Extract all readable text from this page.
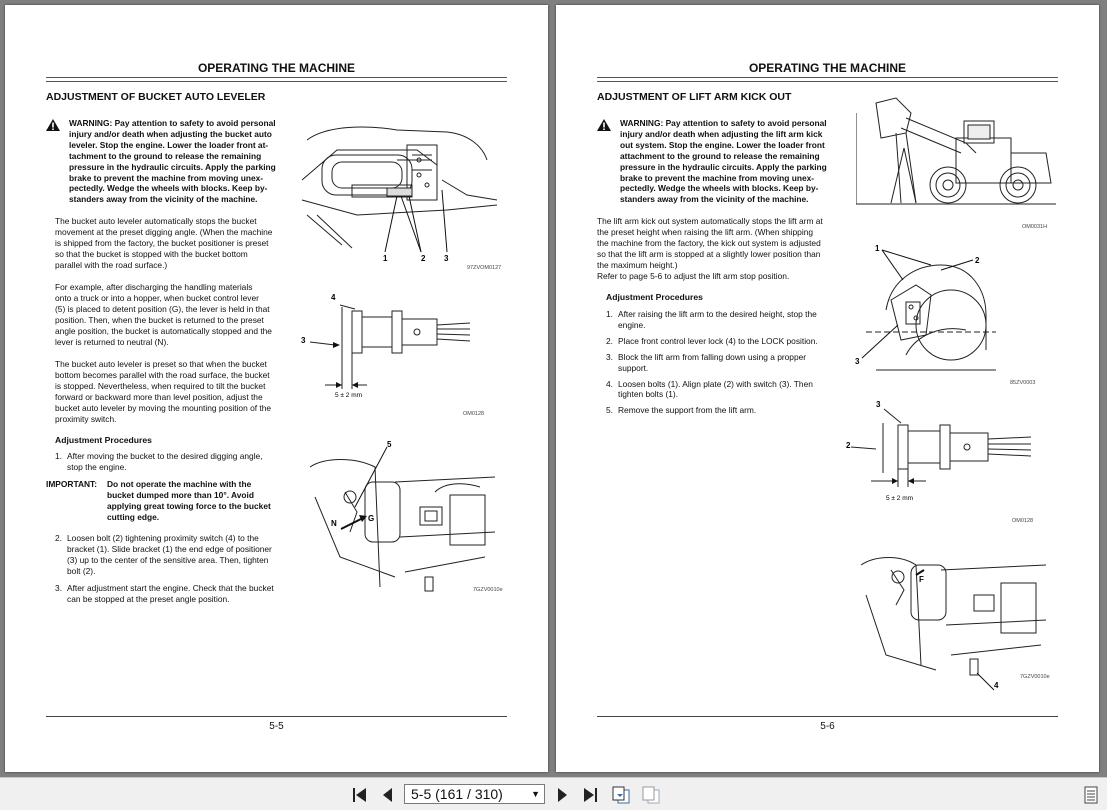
OPERATING THE MACHINE
ADJUSTMENT OF BUCKET AUTO LEVELER
WARNING: Pay attention to safety to avoid personal
injury and/or death when adjusting the bucket auto
leveler. Stop the engine. Lower the loader front at-
tachment to the ground to release the remaining
pressure in the hydraulic circuits. Apply the parking
brake to prevent the machine from moving unex-
pectedly. Wedge the wheels with blocks. Keep by-
standers away from the vicinity of the machine.
The bucket auto leveler automatically stops the bucket
movement at the preset digging angle. (When the machine
is shipped from the factory, the bucket positioner is preset
so that the bucket is stopped with the bucket bottom
parallel with the road surface.)
For example, after discharging the handling materials
onto a truck or into a hopper, when bucket control lever
(5) is placed to detent position (G), the lever is held in that
position. Then, when the bucket is returned to the preset
angle position, the bucket is automatically stopped and the
lever is returned to neutral (N).
The bucket auto leveler is preset so that when the bucket
bottom becomes parallel with the road surface, the bucket
is stopped. Nevertheless, when required to tilt the bucket
forward or backward more than level position, adjust the
bucket auto leveler by moving the mounting position of the
proximity switch.
Adjustment Procedures
1. After moving the bucket to the desired digging angle,
stop the engine.
IMPORTANT: Do not operate the machine with the
bucket dumped more than 10°. Avoid
applying great towing force to the bucket
cutting edge.
2. Loosen bolt (2) tightening proximity switch (4) to the
bracket (1). Slide bracket (1) the end edge of positioner
(3) up to the center of the sensitive area. Then, tighten
bolt (2).
3. After adjustment start the engine. Check that the bucket
can be stopped at the preset angle position.
1	2 3
97ZVOM0127
4
3
5 ± 2 mm
OM0128
5
N
G
7GZV0010e
5-5
OPERATING THE MACHINE
ADJUSTMENT OF LIFT ARM KICK OUT
WARNING: Pay attention to safety to avoid personal
injury and/or death when adjusting the lift arm kick
out system. Stop the engine. Lower the loader front
attachment to the ground to release the remaining
pressure in the hydraulic circuits. Apply the parking
brake to prevent the machine from moving unex-
pectedly. Wedge the wheels with blocks. Keep by-
standers away from the vicinity of the machine.
The lift arm kick out system automatically stops the lift arm at
the preset height when raising the lift arm. (When shipping
the machine from the factory, the kick out system is adjusted
so that the lift arm is stopped at a slightly lower position than
the maximum height.)
Refer to page 5-6 to adjust the lift arm stop position.
Adjustment Procedures
1. After raising the lift arm to the desired height, stop the
engine.
2. Place front control lever lock (4) to the LOCK position.
3. Block the lift arm from falling down using a propper
support.
4. Loosen bolts (1). Align plate (2) with switch (3). Then
tighten bolts (1).
5. Remove the support from the lift arm.
OM0031H
1
2
3
85ZV0003
3
2
5 ± 2 mm
OM0128
F
4
7GZV0010e
5-6
5-5 (161 / 310)	▼
